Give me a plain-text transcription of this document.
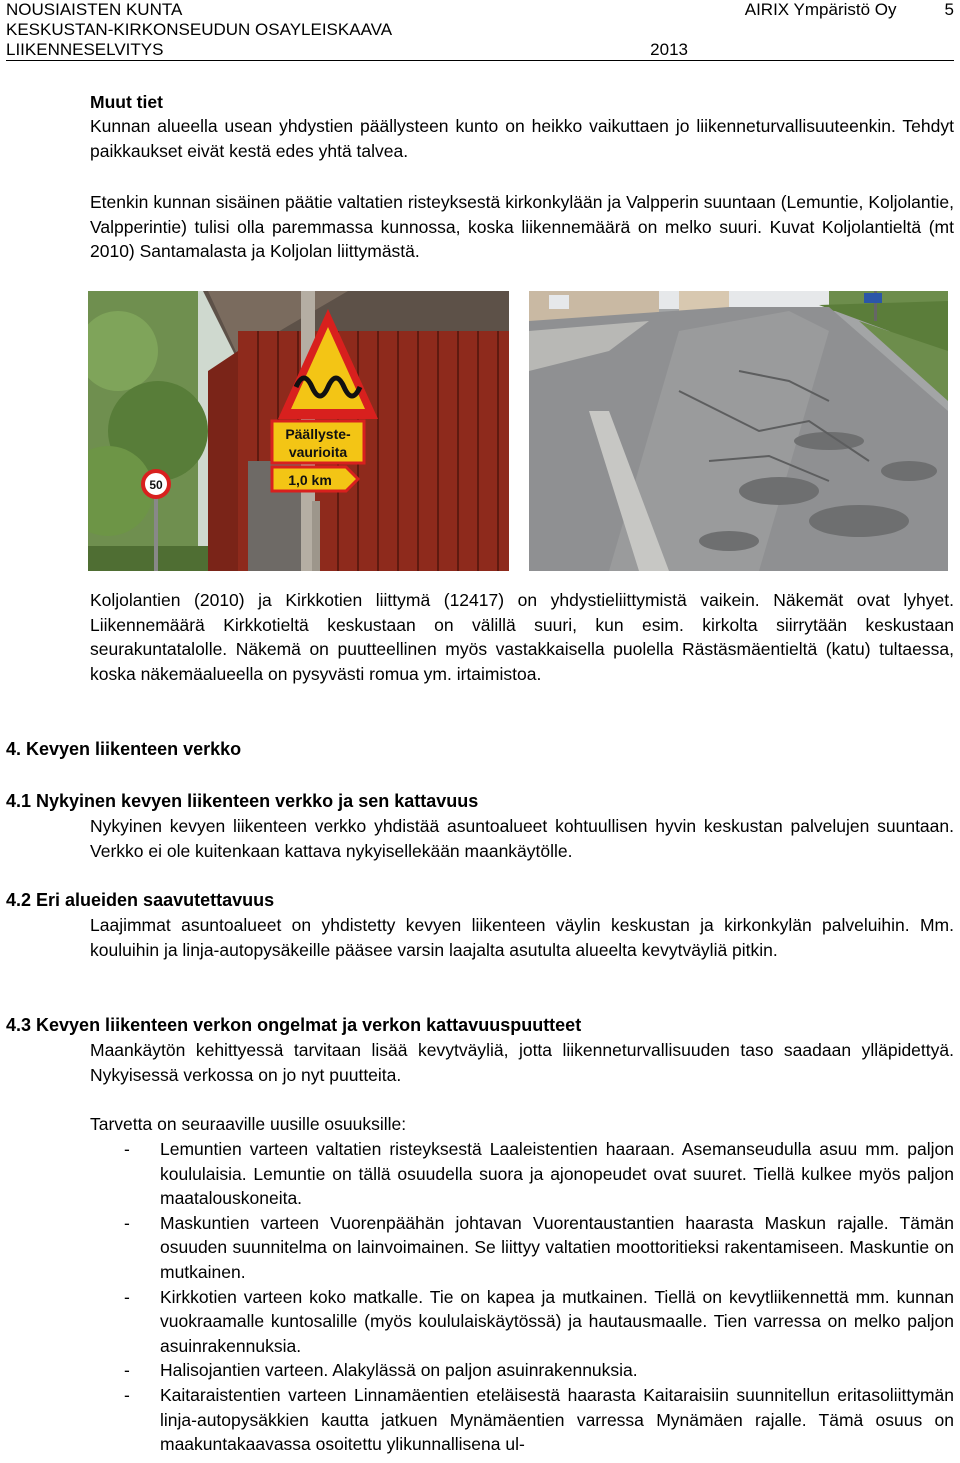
NOUSIAISTEN KUNTA	AIRIX Ympäristö Oy	5
KESKUSTAN-KIRKONSEUDUN OSAYLEISKAAVA
LIIKENNESELVITYS	2013
Muut tiet
Kunnan alueella usean yhdystien päällysteen kunto on heikko vaikuttaen jo liikenneturvallisuuteenkin. Tehdyt paikkaukset eivät kestä edes yhtä talvea.
Etenkin kunnan sisäinen päätie valtatien risteyksestä kirkonkylään ja Valpperin suuntaan (Lemuntie, Koljolantie, Valpperintie) tulisi olla paremmassa kunnossa, koska liikennemäärä on melko suuri. Kuvat Koljolantieltä (mt 2010) Santamalasta ja Koljolan liittymästä.
Päällyste-
vaurioita
1,0 km
50
Koljolantien (2010) ja Kirkkotien liittymä (12417) on yhdystieliittymistä vaikein. Näkemät ovat lyhyet. Liikennemäärä Kirkkotieltä keskustaan on välillä suuri, kun esim. kirkolta siirrytään keskustaan seurakuntatalolle. Näkemä on puutteellinen myös vastakkaisella puolella Rästäsmäentieltä (katu) tultaessa, koska näkemäalueella on pysyvästi romua ym. irtaimistoa.
4. Kevyen liikenteen verkko
4.1 Nykyinen kevyen liikenteen verkko ja sen kattavuus
Nykyinen kevyen liikenteen verkko yhdistää asuntoalueet kohtuullisen hyvin keskustan palvelujen suuntaan. Verkko ei ole kuitenkaan kattava nykyisellekään maankäytölle.
4.2 Eri alueiden saavutettavuus
Laajimmat asuntoalueet on yhdistetty kevyen liikenteen väylin keskustan ja kirkonkylän palveluihin. Mm. kouluihin ja linja-autopysäkeille pääsee varsin laajalta asutulta alueelta kevytväyliä pitkin.
4.3 Kevyen liikenteen verkon ongelmat ja verkon kattavuuspuutteet
Maankäytön kehittyessä tarvitaan lisää kevytväyliä, jotta liikenneturvallisuuden taso saadaan ylläpidettyä. Nykyisessä verkossa on jo nyt puutteita.
Tarvetta on seuraaville uusille osuuksille:
- Lemuntien varteen valtatien risteyksestä Laaleistentien haaraan. Asemanseudulla asuu mm. paljon koululaisia. Lemuntie on tällä osuudella suora ja ajonopeudet ovat suuret. Tiellä kulkee myös paljon maatalouskoneita.
- Maskuntien varteen Vuorenpäähän johtavan Vuorentaustantien haarasta Maskun rajalle. Tämän osuuden suunnitelma on lainvoimainen. Se liittyy valtatien moottoritieksi rakentamiseen. Maskuntie on mutkainen.
- Kirkkotien varteen koko matkalle. Tie on kapea ja mutkainen. Tiellä on kevytliikennettä mm. kunnan vuokraamalle kuntosalille (myös koululaiskäytössä) ja hautausmaalle. Tien varressa on melko paljon asuinrakennuksia.
- Halisojantien varteen. Alakylässä on paljon asuinrakennuksia.
- Kaitaraistentien varteen Linnamäentien eteläisestä haarasta Kaitaraisiin suunnitellun eritasoliittymän linja-autopysäkkien kautta jatkuen Mynämäentien varressa Mynämäen rajalle. Tämä osuus on maakuntakaavassa osoitettu ylikunnallisena ul-
